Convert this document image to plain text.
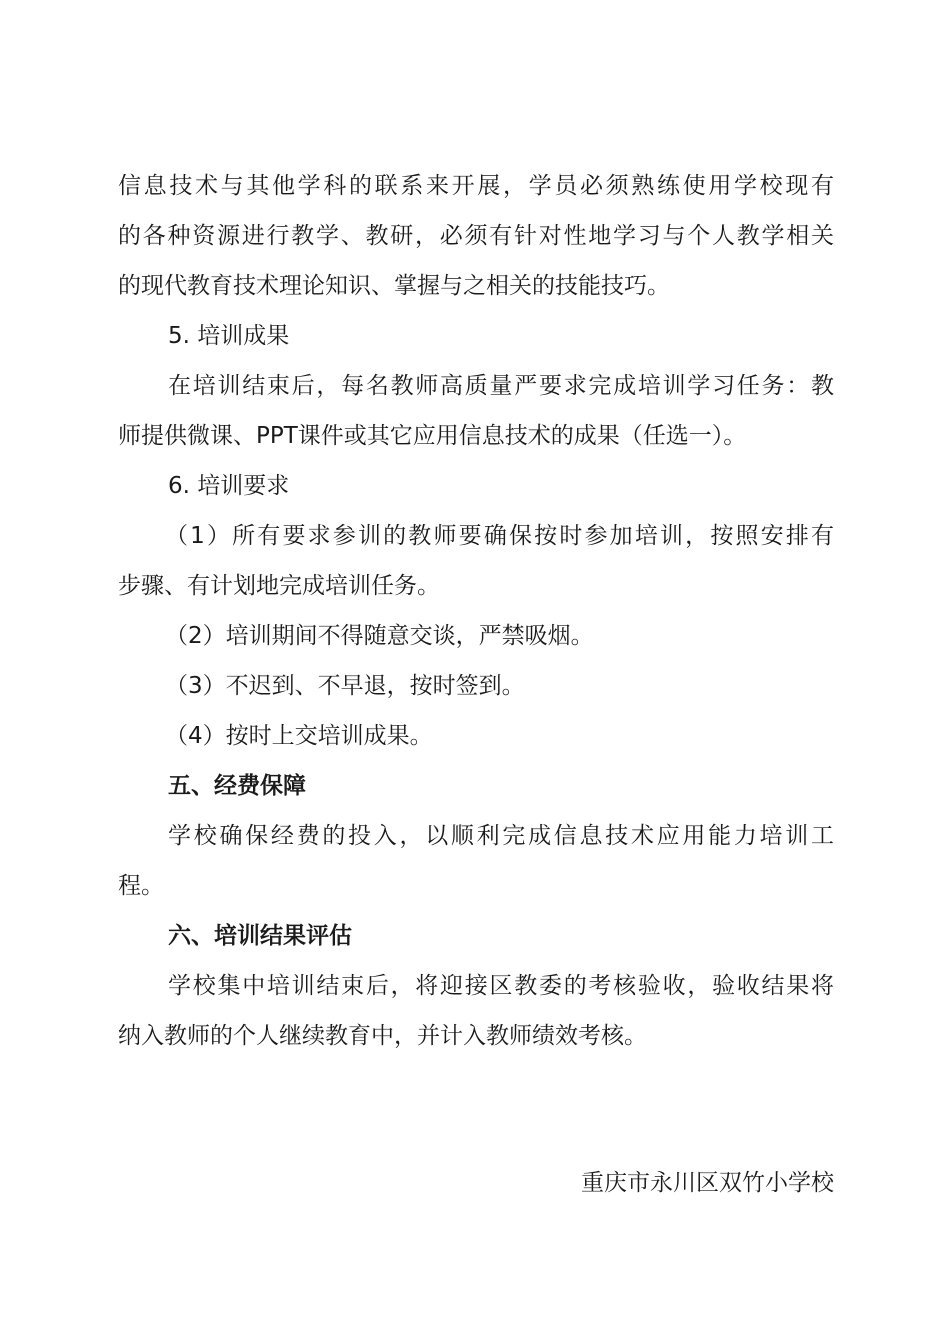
信息技术与其他学科的联系来开展，学员必须熟练使用学校现有
的各种资源进行教学、教研，必须有针对性地学习与个人教学相关
的现代教育技术理论知识、掌握与之相关的技能技巧。
5. 培训成果
在培训结束后，每名教师高质量严要求完成培训学习任务：教
师提供微课、PPT课件或其它应用信息技术的成果（任选一）。
6. 培训要求
（1）所有要求参训的教师要确保按时参加培训，按照安排有
步骤、有计划地完成培训任务。
（2）培训期间不得随意交谈，严禁吸烟。
（3）不迟到、不早退，按时签到。
（4）按时上交培训成果。
五、经费保障
学校确保经费的投入，以顺利完成信息技术应用能力培训工
程。
六、培训结果评估
学校集中培训结束后，将迎接区教委的考核验收，验收结果将
纳入教师的个人继续教育中，并计入教师绩效考核。
重庆市永川区双竹小学校
